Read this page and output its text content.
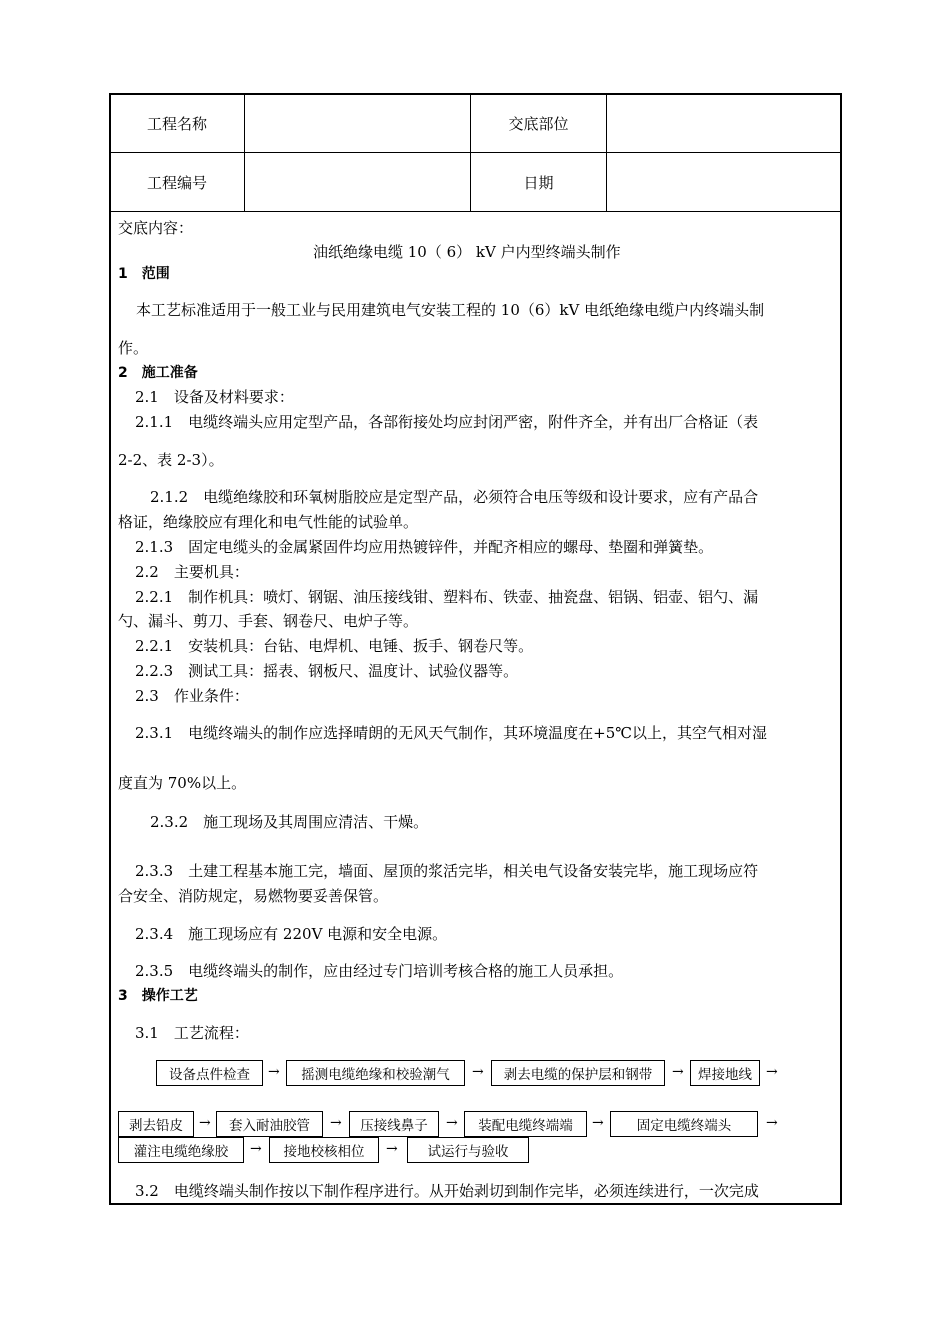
工程名称	交底部位
工程编号	日期
交底内容：
油纸绝缘电缆 10（ 6） kV 户内型终端头制作
1　范围
本工艺标准适用于一般工业与民用建筑电气安装工程的 10（6）kV 电纸绝缘电缆户内终端头制
作。
2　施工准备
2.1　设备及材料要求：
2.1.1　电缆终端头应用定型产品，各部衔接处均应封闭严密，附件齐全，并有出厂合格证（表
2-2、表 2-3）。
2.1.2　电缆绝缘胶和环氧树脂胶应是定型产品，必须符合电压等级和设计要求，应有产品合
格证，绝缘胶应有理化和电气性能的试验单。
2.1.3　固定电缆头的金属紧固件均应用热镀锌件，并配齐相应的螺母、垫圈和弹簧垫。
2.2　主要机具：
2.2.1　制作机具：喷灯、钢锯、油压接线钳、塑料布、铁壶、抽瓷盘、铝锅、铝壶、铝勺、漏
勺、漏斗、剪刀、手套、钢卷尺、电炉子等。
2.2.1　安装机具：台钻、电焊机、电锤、扳手、钢卷尺等。
2.2.3　测试工具：摇表、钢板尺、温度计、试验仪器等。
2.3　作业条件：
2.3.1　电缆终端头的制作应选择晴朗的无风天气制作，其环境温度在+5℃以上，其空气相对湿
度直为 70%以上。
2.3.2　施工现场及其周围应清洁、干燥。
2.3.3　土建工程基本施工完，墙面、屋顶的浆活完毕，相关电气设备安装完毕，施工现场应符
合安全、消防规定，易燃物要妥善保管。
2.3.4　施工现场应有 220V 电源和安全电源。
2.3.5　电缆终端头的制作，应由经过专门培训考核合格的施工人员承担。
3　操作工艺
3.1　工艺流程：
设备点件检查	→	摇测电缆绝缘和校验潮气	→	剥去电缆的保护层和钢带	→	焊接地线	→
剥去铅皮	→	套入耐油胶管	→	压接线鼻子	→	装配电缆终端端	→	固定电缆终端头	→
灌注电缆绝缘胶	→	接地校核相位	→	试运行与验收
3.2　电缆终端头制作按以下制作程序进行。从开始剥切到制作完毕，必须连续进行，一次完成
